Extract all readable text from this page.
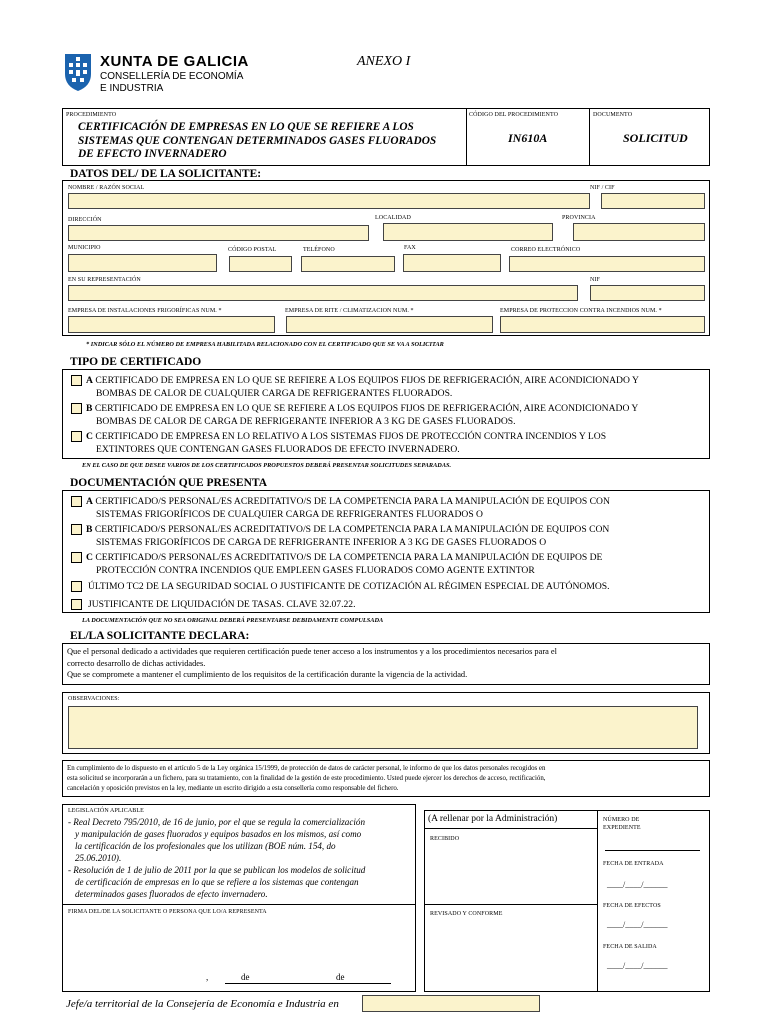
XUNTA DE GALICIA
CONSELLERÍA DE ECONOMÍA
E INDUSTRIA
ANEXO I
PROCEDIMIENTO
CERTIFICACIÓN DE EMPRESAS EN LO QUE SE REFIERE A LOS
SISTEMAS QUE CONTENGAN DETERMINADOS GASES FLUORADOS
DE EFECTO INVERNADERO
CÓDIGO DEL PROCEDIMIENTO
IN610A
DOCUMENTO
SOLICITUD
DATOS DEL/ DE LA SOLICITANTE:
NOMBRE / RAZÓN SOCIAL	NIF / CIF
DIRECCIÓN	LOCALIDAD	PROVINCIA
MUNICIPIO	CÓDIGO POSTAL	TELÉFONO	FAX	CORREO ELECTRÓNICO
EN SU REPRESENTACIÓN	NIF
EMPRESA DE INSTALACIONES FRIGORÍFICAS NUM. *	EMPRESA DE RITE / CLIMATIZACION NUM. *	EMPRESA DE PROTECCION CONTRA INCENDIOS NUM. *
* INDICAR SÓLO EL NÚMERO DE EMPRESA HABILITADA RELACIONADO CON EL CERTIFICADO QUE SE VA A SOLICITAR
TIPO DE CERTIFICADO
A CERTIFICADO DE EMPRESA EN LO QUE SE REFIERE A LOS EQUIPOS FIJOS DE REFRIGERACIÓN, AIRE ACONDICIONADO Y
BOMBAS DE CALOR DE CUALQUIER CARGA DE REFRIGERANTES FLUORADOS.
B CERTIFICADO DE EMPRESA EN LO QUE SE REFIERE A LOS EQUIPOS FIJOS DE REFRIGERACIÓN, AIRE ACONDICIONADO Y
BOMBAS DE CALOR DE CARGA DE REFRIGERANTE INFERIOR A 3 KG DE GASES FLUORADOS.
C CERTIFICADO DE EMPRESA EN LO RELATIVO A LOS SISTEMAS FIJOS DE PROTECCIÓN CONTRA INCENDIOS Y LOS
EXTINTORES QUE CONTENGAN GASES FLUORADOS DE EFECTO INVERNADERO.
EN EL CASO DE QUE DESEE VARIOS DE LOS CERTIFICADOS PROPUESTOS DEBERÁ PRESENTAR SOLICITUDES SEPARADAS.
DOCUMENTACIÓN QUE PRESENTA
A CERTIFICADO/S PERSONAL/ES ACREDITATIVO/S DE LA COMPETENCIA PARA LA MANIPULACIÓN DE EQUIPOS CON
SISTEMAS FRIGORÍFICOS DE CUALQUIER CARGA DE REFRIGERANTES FLUORADOS O
B CERTIFICADO/S PERSONAL/ES ACREDITATIVO/S DE LA COMPETENCIA PARA LA MANIPULACIÓN DE EQUIPOS CON
SISTEMAS FRIGORÍFICOS DE CARGA DE REFRIGERANTE INFERIOR A 3 KG DE GASES FLUORADOS O
C CERTIFICADO/S PERSONAL/ES ACREDITATIVO/S DE LA COMPETENCIA PARA LA MANIPULACIÓN DE EQUIPOS DE
PROTECCIÓN CONTRA INCENDIOS QUE EMPLEEN GASES FLUORADOS COMO AGENTE EXTINTOR
ÚLTIMO TC2 DE LA SEGURIDAD SOCIAL O JUSTIFICANTE DE COTIZACIÓN AL RÉGIMEN ESPECIAL DE AUTÓNOMOS.
JUSTIFICANTE DE LIQUIDACIÓN DE TASAS. CLAVE 32.07.22.
LA DOCUMENTACIÓN QUE NO SEA ORIGINAL DEBERÁ PRESENTARSE DEBIDAMENTE COMPULSADA
EL/LA SOLICITANTE DECLARA:
Que el personal dedicado a actividades que requieren certificación puede tener acceso a los instrumentos y a los procedimientos necesarios para el
correcto desarrollo de dichas actividades.
Que se compromete a mantener el cumplimiento de los requisitos de la certificación durante la vigencia de la actividad.
OBSERVACIONES:
En cumplimiento de lo dispuesto en el artículo 5 de la Ley orgánica 15/1999, de protección de datos de carácter personal, le informo de que los datos personales recogidos en
esta solicitud se incorporarán a un fichero, para su tratamiento, con la finalidad de la gestión de este procedimiento. Usted puede ejercer los derechos de acceso, rectificación,
cancelación y oposición previstos en la ley, mediante un escrito dirigido a esta consellería como responsable del fichero.
LEGISLACIÓN APLICABLE
- Real Decreto 795/2010, de 16 de junio, por el que se regula la comercialización
y manipulación de gases fluorados y equipos basados en los mismos, así como
la certificación de los profesionales que los utilizan (BOE núm. 154, do
25.06.2010).
- Resolución de 1 de julio de 2011 por la que se publican los modelos de solicitud
de certificación de empresas en lo que se refiere a los sistemas que contengan
determinados gases fluorados de efecto invernadero.
FIRMA DEL/DE LA SOLICITANTE O PERSONA QUE LO/A REPRESENTA
,	de	de
(A rellenar por la Administración)
RECIBIDO
REVISADO Y CONFORME
NÚMERO DE
EXPEDIENTE
FECHA DE ENTRADA
____/____/______
FECHA DE EFECTOS
____/____/______
FECHA DE SALIDA
____/____/______
Jefe/a territorial de la Consejería de Economía e Industria en
